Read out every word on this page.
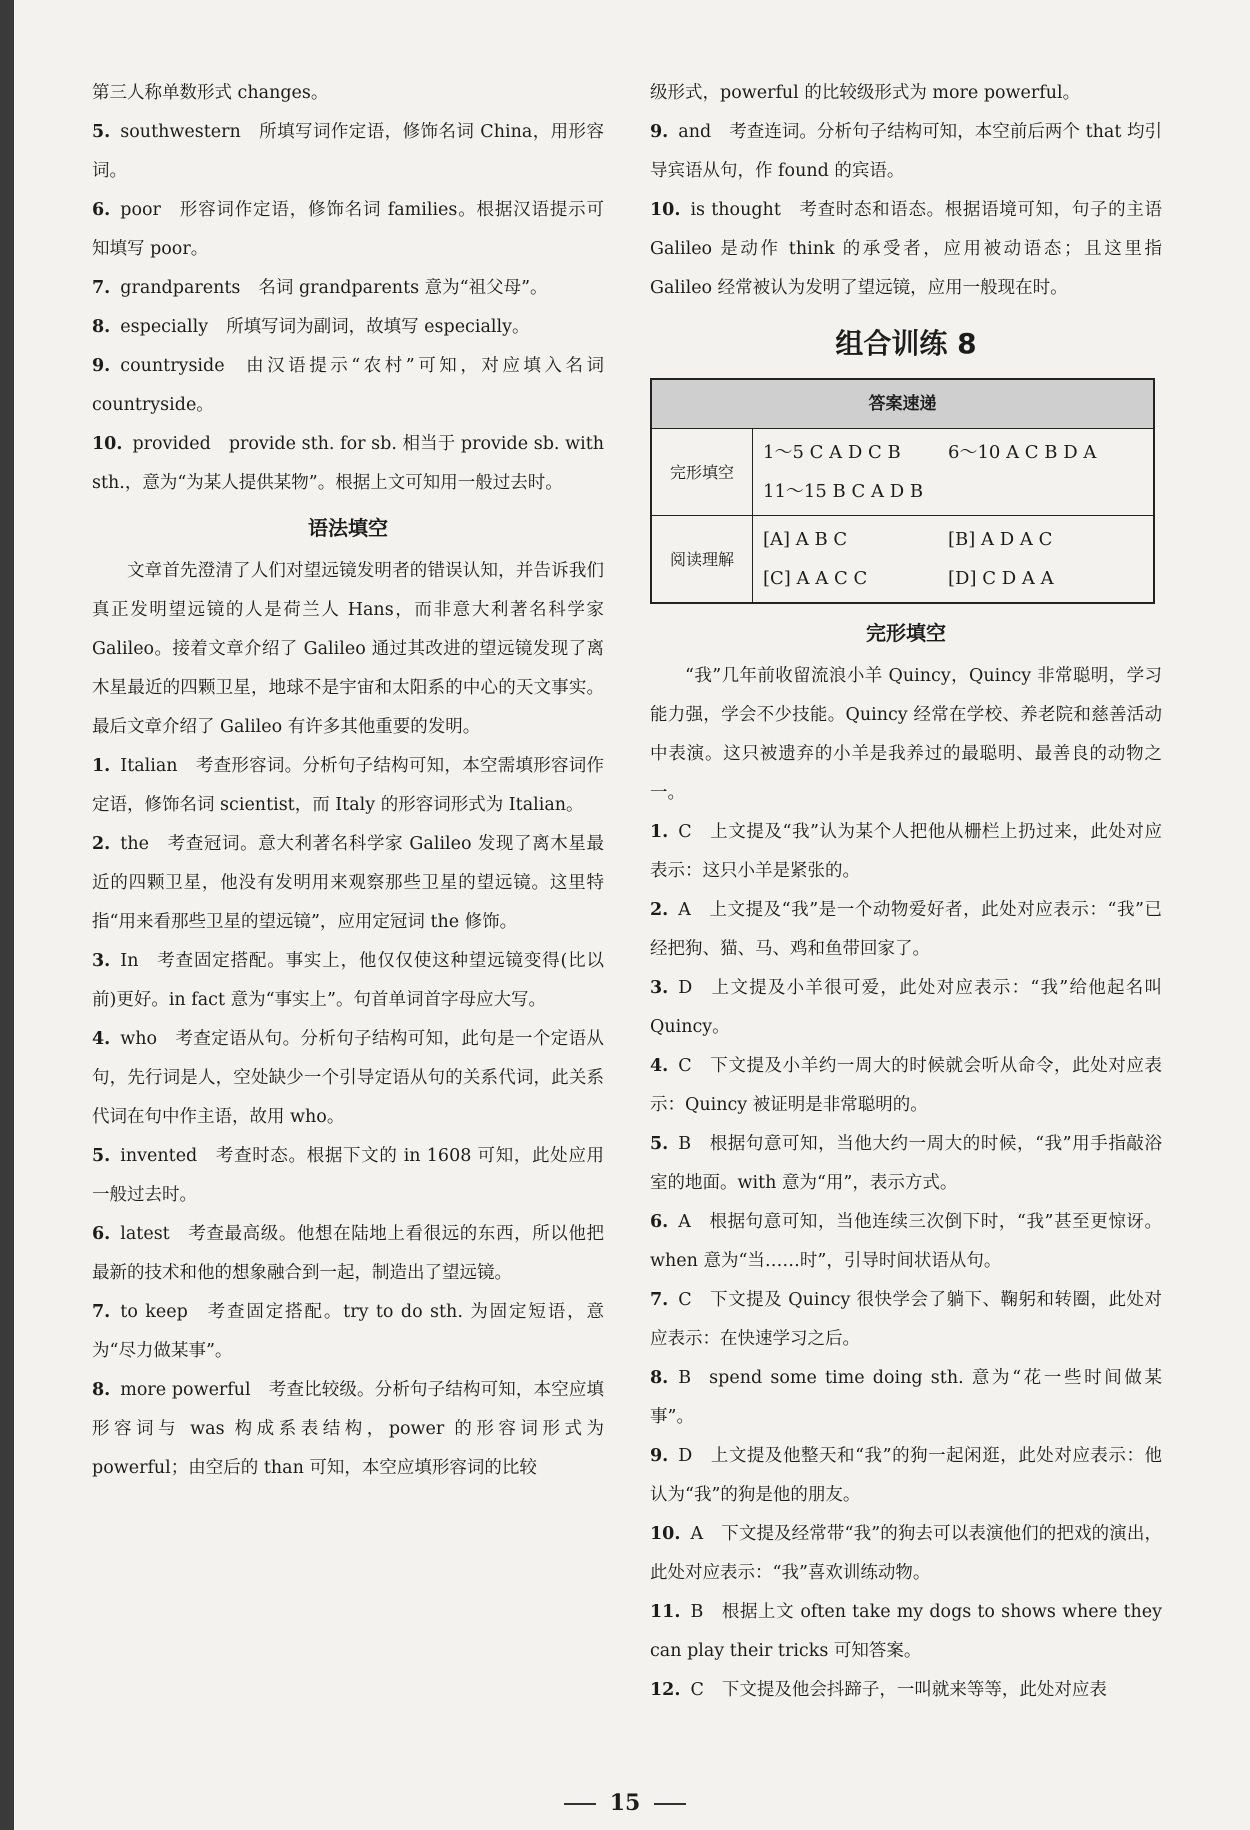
第三人称单数形式 changes。

5. southwestern 所填写词作定语，修饰名词 China，用形容词。

6. poor 形容词作定语，修饰名词 families。根据汉语提示可知填写 poor。

7. grandparents 名词 grandparents 意为“祖父母”。

8. especially 所填写词为副词，故填写 especially。

9. countryside 由汉语提示“农村”可知，对应填入名词 countryside。

10. provided provide sth. for sb. 相当于 provide sb. with sth.，意为“为某人提供某物”。根据上文可知用一般过去时。

语法填空

文章首先澄清了人们对望远镜发明者的错误认知，并告诉我们真正发明望远镜的人是荷兰人 Hans，而非意大利著名科学家 Galileo。接着文章介绍了 Galileo 通过其改进的望远镜发现了离木星最近的四颗卫星，地球不是宇宙和太阳系的中心的天文事实。最后文章介绍了 Galileo 有许多其他重要的发明。

1. Italian 考查形容词。分析句子结构可知，本空需填形容词作定语，修饰名词 scientist，而 Italy 的形容词形式为 Italian。

2. the 考查冠词。意大利著名科学家 Galileo 发现了离木星最近的四颗卫星，他没有发明用来观察那些卫星的望远镜。这里特指“用来看那些卫星的望远镜”，应用定冠词 the 修饰。

3. In 考查固定搭配。事实上，他仅仅使这种望远镜变得(比以前)更好。in fact 意为“事实上”。句首单词首字母应大写。

4. who 考查定语从句。分析句子结构可知，此句是一个定语从句，先行词是人，空处缺少一个引导定语从句的关系代词，此关系代词在句中作主语，故用 who。

5. invented 考查时态。根据下文的 in 1608 可知，此处应用一般过去时。

6. latest 考查最高级。他想在陆地上看很远的东西，所以他把最新的技术和他的想象融合到一起，制造出了望远镜。

7. to keep 考查固定搭配。try to do sth. 为固定短语，意为“尽力做某事”。

8. more powerful 考查比较级。分析句子结构可知，本空应填形容词与 was 构成系表结构，power 的形容词形式为 powerful；由空后的 than 可知，本空应填形容词的比较

级形式，powerful 的比较级形式为 more powerful。

9. and 考查连词。分析句子结构可知，本空前后两个 that 均引导宾语从句，作 found 的宾语。

10. is thought 考查时态和语态。根据语境可知，句子的主语 Galileo 是动作 think 的承受者，应用被动语态；且这里指 Galileo 经常被认为发明了望远镜，应用一般现在时。

组合训练 8
答案速递	
完形填空	1～5 C A D C B 6～10 A C B D A
11～15 B C A D B

阅读理解	[A] A B C [B] A D A C
[C] A A C C [D] C D A A
完形填空

“我”几年前收留流浪小羊 Quincy，Quincy 非常聪明，学习能力强，学会不少技能。Quincy 经常在学校、养老院和慈善活动中表演。这只被遗弃的小羊是我养过的最聪明、最善良的动物之一。

1. C 上文提及“我”认为某个人把他从栅栏上扔过来，此处对应表示：这只小羊是紧张的。

2. A 上文提及“我”是一个动物爱好者，此处对应表示：“我”已经把狗、猫、马、鸡和鱼带回家了。

3. D 上文提及小羊很可爱，此处对应表示：“我”给他起名叫 Quincy。

4. C 下文提及小羊约一周大的时候就会听从命令，此处对应表示：Quincy 被证明是非常聪明的。

5. B 根据句意可知，当他大约一周大的时候，“我”用手指敲浴室的地面。with 意为“用”，表示方式。

6. A 根据句意可知，当他连续三次倒下时，“我”甚至更惊讶。when 意为“当……时”，引导时间状语从句。

7. C 下文提及 Quincy 很快学会了躺下、鞠躬和转圈，此处对应表示：在快速学习之后。

8. B spend some time doing sth. 意为“花一些时间做某事”。

9. D 上文提及他整天和“我”的狗一起闲逛，此处对应表示：他认为“我”的狗是他的朋友。

10. A 下文提及经常带“我”的狗去可以表演他们的把戏的演出，此处对应表示：“我”喜欢训练动物。

11. B 根据上文 often take my dogs to shows where they can play their tricks 可知答案。

12. C 下文提及他会抖蹄子，一叫就来等等，此处对应表

15
